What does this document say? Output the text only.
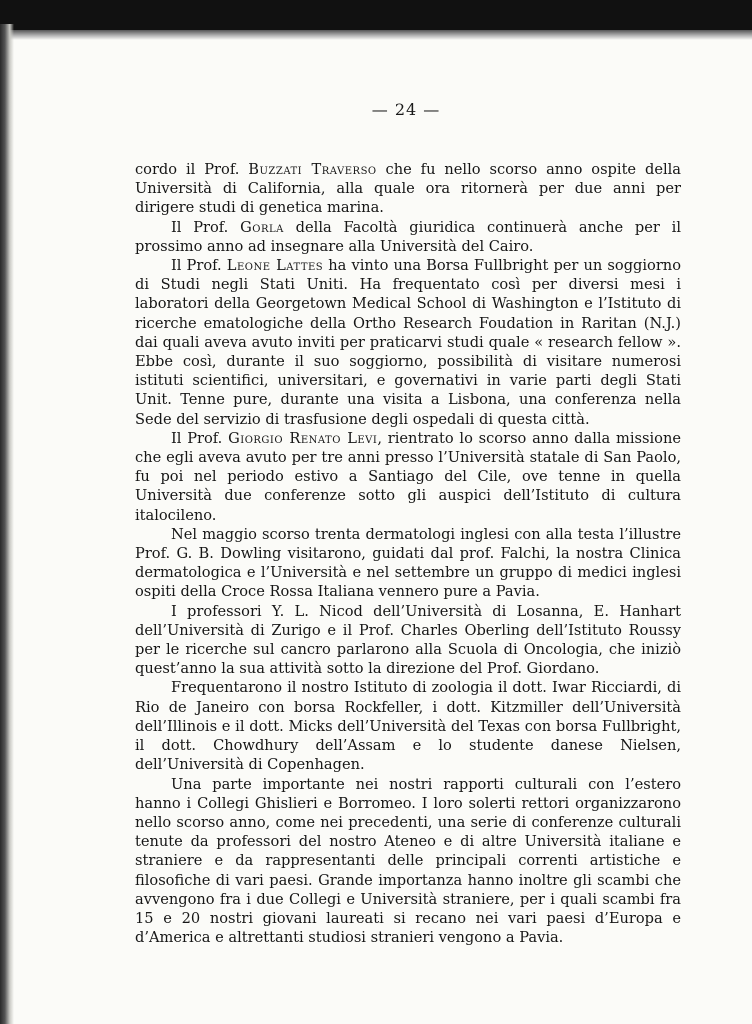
— 24 —

cordo il Prof. Buzzati Traverso che fu nello scorso anno ospite della Università di California, alla quale ora ritornerà per due anni per dirigere studi di genetica marina.

Il Prof. Gorla della Facoltà giuridica continuerà anche per il prossimo anno ad insegnare alla Università del Cairo.

Il Prof. Leone Lattes ha vinto una Borsa Fullbright per un soggiorno di Studi negli Stati Uniti. Ha frequentato così per diversi mesi i laboratori della Georgetown Medical School di Washington e l’Istituto di ricerche ematologiche della Ortho Research Foudation in Raritan (N.J.) dai quali aveva avuto inviti per praticarvi studi quale « research fellow ». Ebbe così, durante il suo soggiorno, possibilità di visitare numerosi istituti scientifici, universitari, e governativi in varie parti degli Stati Unit. Tenne pure, durante una visita a Lisbona, una conferenza nella Sede del servizio di trasfusione degli ospedali di questa città.

Il Prof. Giorgio Renato Levi, rientrato lo scorso anno dalla missione che egli aveva avuto per tre anni presso l’Università statale di San Paolo, fu poi nel periodo estivo a Santiago del Cile, ove tenne in quella Università due conferenze sotto gli auspici dell’Istituto di cultura italocileno.

Nel maggio scorso trenta dermatologi inglesi con alla testa l’illustre Prof. G. B. Dowling visitarono, guidati dal prof. Falchi, la nostra Clinica dermatologica e l’Università e nel settembre un gruppo di medici inglesi ospiti della Croce Rossa Italiana vennero pure a Pavia.

I professori Y. L. Nicod dell’Università di Losanna, E. Hanhart dell’Università di Zurigo e il Prof. Charles Oberling dell’Istituto Roussy per le ricerche sul cancro parlarono alla Scuola di Oncologia, che iniziò quest’anno la sua attività sotto la direzione del Prof. Giordano.

Frequentarono il nostro Istituto di zoologia il dott. Iwar Ricciardi, di Rio de Janeiro con borsa Rockfeller, i dott. Kitzmiller dell’Università dell’Illinois e il dott. Micks dell’Università del Texas con borsa Fullbright, il dott. Chowdhury dell’Assam e lo studente danese Nielsen, dell’Università di Copenhagen.

Una parte importante nei nostri rapporti culturali con l’estero hanno i Collegi Ghislieri e Borromeo. I loro solerti rettori organizzarono nello scorso anno, come nei precedenti, una serie di conferenze culturali tenute da professori del nostro Ateneo e di altre Università italiane e straniere e da rappresentanti delle principali correnti artistiche e filosofiche di vari paesi. Grande importanza hanno inoltre gli scambi che avvengono fra i due Collegi e Università straniere, per i quali scambi fra 15 e 20 nostri giovani laureati si recano nei vari paesi d’Europa e d’America e altrettanti studiosi stranieri vengono a Pavia.
